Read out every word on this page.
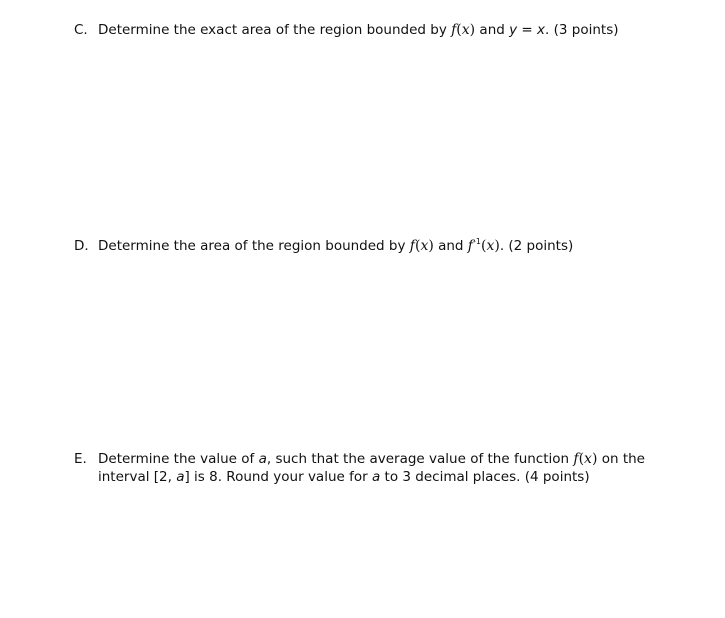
C. Determine the exact area of the region bounded by f(x) and y = x. (3 points)
D. Determine the area of the region bounded by f(x) and $f^{-1}(x)$. (2 points)
E. Determine the value of a, such that the average value of the function f(x) on the interval [2, a] is 8. Round your value for a to 3 decimal places. (4 points)
